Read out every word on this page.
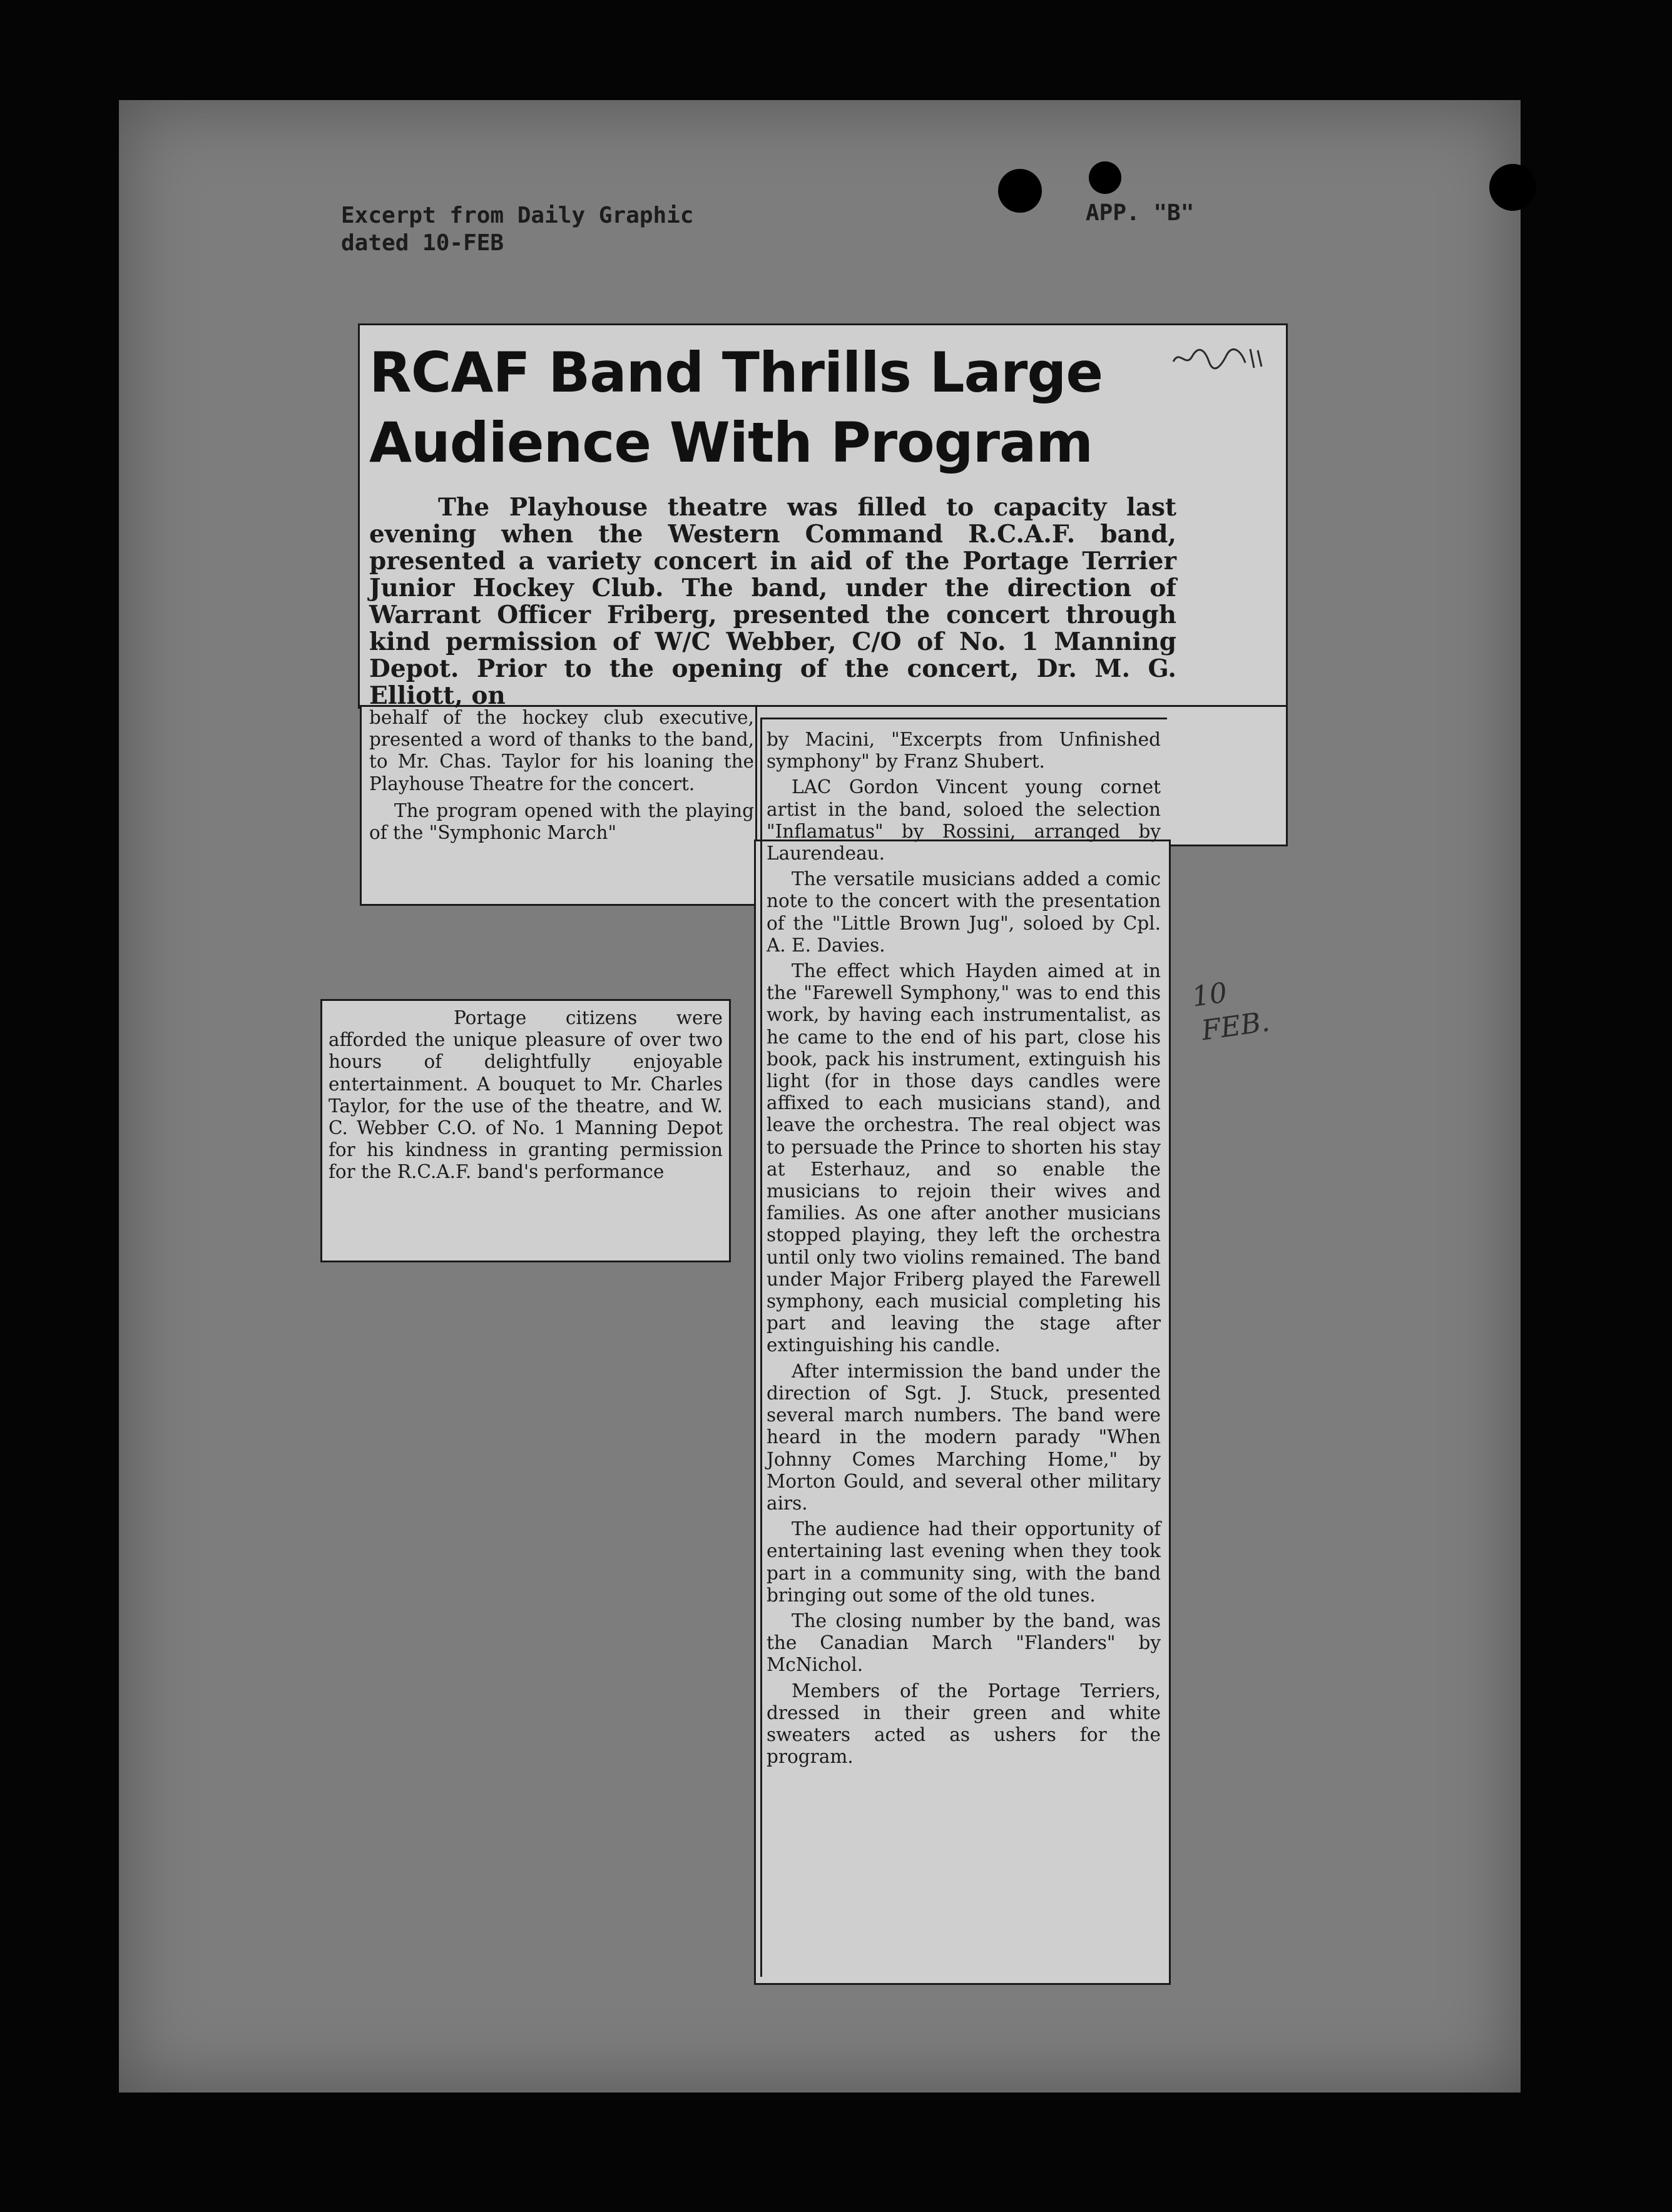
Excerpt from Daily Graphic
dated 10-FEB
APP. "B"
RCAF Band Thrills Large
Audience With Program
The Playhouse theatre was filled to capacity last evening when the Western Command R.C.A.F. band, presented a variety concert in aid of the Portage Terrier Junior Hockey Club. The band, under the direction of Warrant Officer Friberg, presented the concert through kind permission of W/C Webber, C/O of No. 1 Manning Depot. Prior to the opening of the concert, Dr. M. G. Elliott, on

behalf of the hockey club executive, presented a word of thanks to the band, to Mr. Chas. Taylor for his loaning the Playhouse Theatre for the concert.

The program opened with the playing of the "Symphonic March"

by Macini, "Excerpts from Unfinished symphony" by Franz Shubert.

LAC Gordon Vincent young cornet artist in the band, soloed the selection "Inflamatus" by Rossini, arranged by Laurendeau.

The versatile musicians added a comic note to the concert with the presentation of the "Little Brown Jug", soloed by Cpl. A. E. Davies.

The effect which Hayden aimed at in the "Farewell Symphony," was to end this work, by having each instrumentalist, as he came to the end of his part, close his book, pack his instrument, extinguish his light (for in those days candles were affixed to each musicians stand), and leave the orchestra. The real object was to persuade the Prince to shorten his stay at Esterhauz, and so enable the musicians to rejoin their wives and families. As one after another musicians stopped playing, they left the orchestra until only two violins remained. The band under Major Friberg played the Farewell symphony, each musicial completing his part and leaving the stage after extinguishing his candle.

After intermission the band under the direction of Sgt. J. Stuck, presented several march numbers. The band were heard in the modern parady "When Johnny Comes Marching Home," by Morton Gould, and several other military airs.

The audience had their opportunity of entertaining last evening when they took part in a community sing, with the band bringing out some of the old tunes.

The closing number by the band, was the Canadian March "Flanders" by McNichol.

Members of the Portage Terriers, dressed in their green and white sweaters acted as ushers for the program.

Portage citizens were afforded the unique pleasure of over two hours of delightfully enjoyable entertainment. A bouquet to Mr. Charles Taylor, for the use of the theatre, and W. C. Webber C.O. of No. 1 Manning Depot for his kindness in granting permission for the R.C.A.F. band's performance
10
FEB.
